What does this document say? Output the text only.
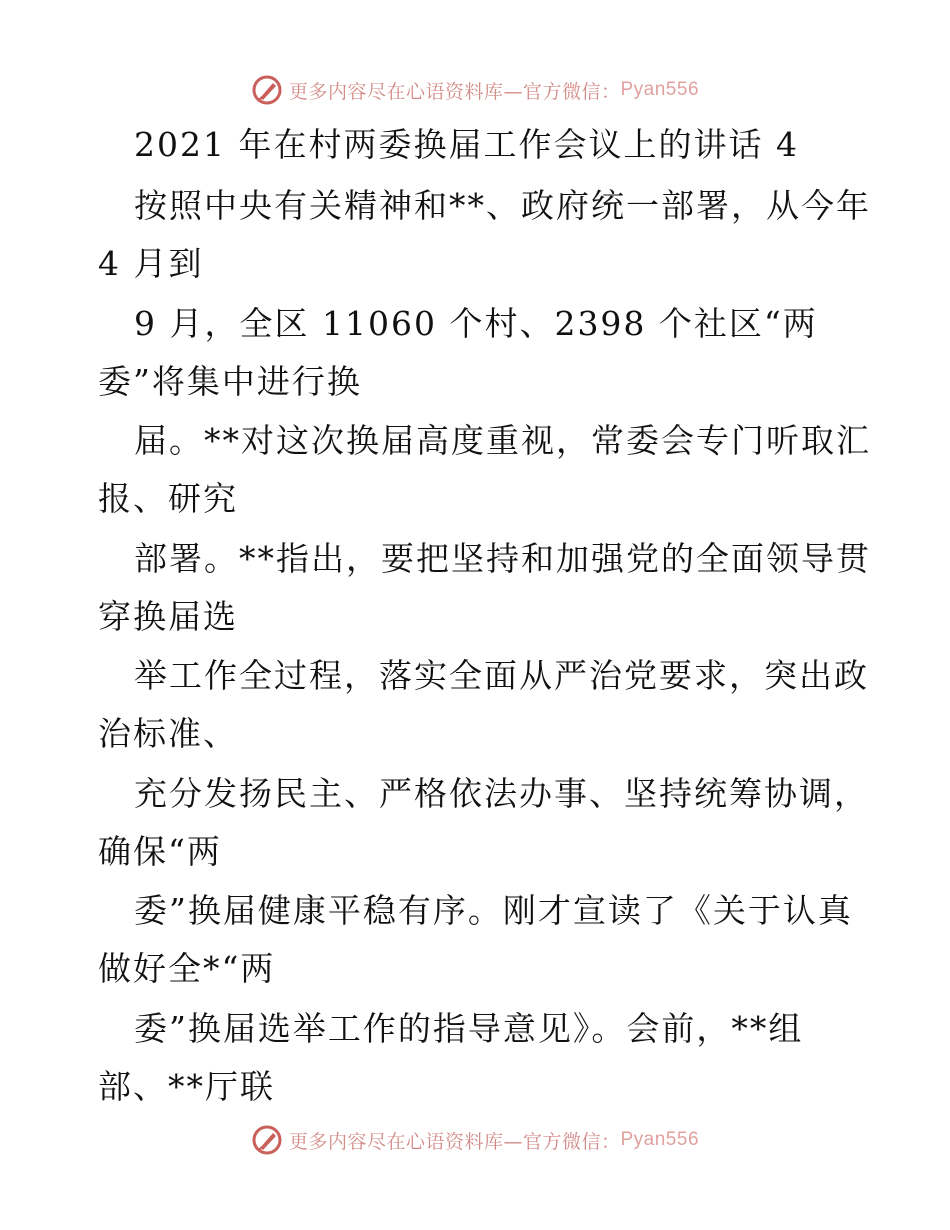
更多内容尽在心语资料库—官方微信： Pyan556
2021 年在村两委换届工作会议上的讲话 4
按照中央有关精神和**、政府统一部署，从今年
4 月到
9 月，全区 11060 个村、2398 个社区“两
委”将集中进行换
届。**对这次换届高度重视，常委会专门听取汇
报、研究
部署。**指出，要把坚持和加强党的全面领导贯
穿换届选
举工作全过程，落实全面从严治党要求，突出政
治标准、
充分发扬民主、严格依法办事、坚持统筹协调，
确保“两
委”换届健康平稳有序。刚才宣读了《关于认真
做好全*“两
委”换届选举工作的指导意见》。会前，**组
部、**厅联
更多内容尽在心语资料库—官方微信： Pyan556
